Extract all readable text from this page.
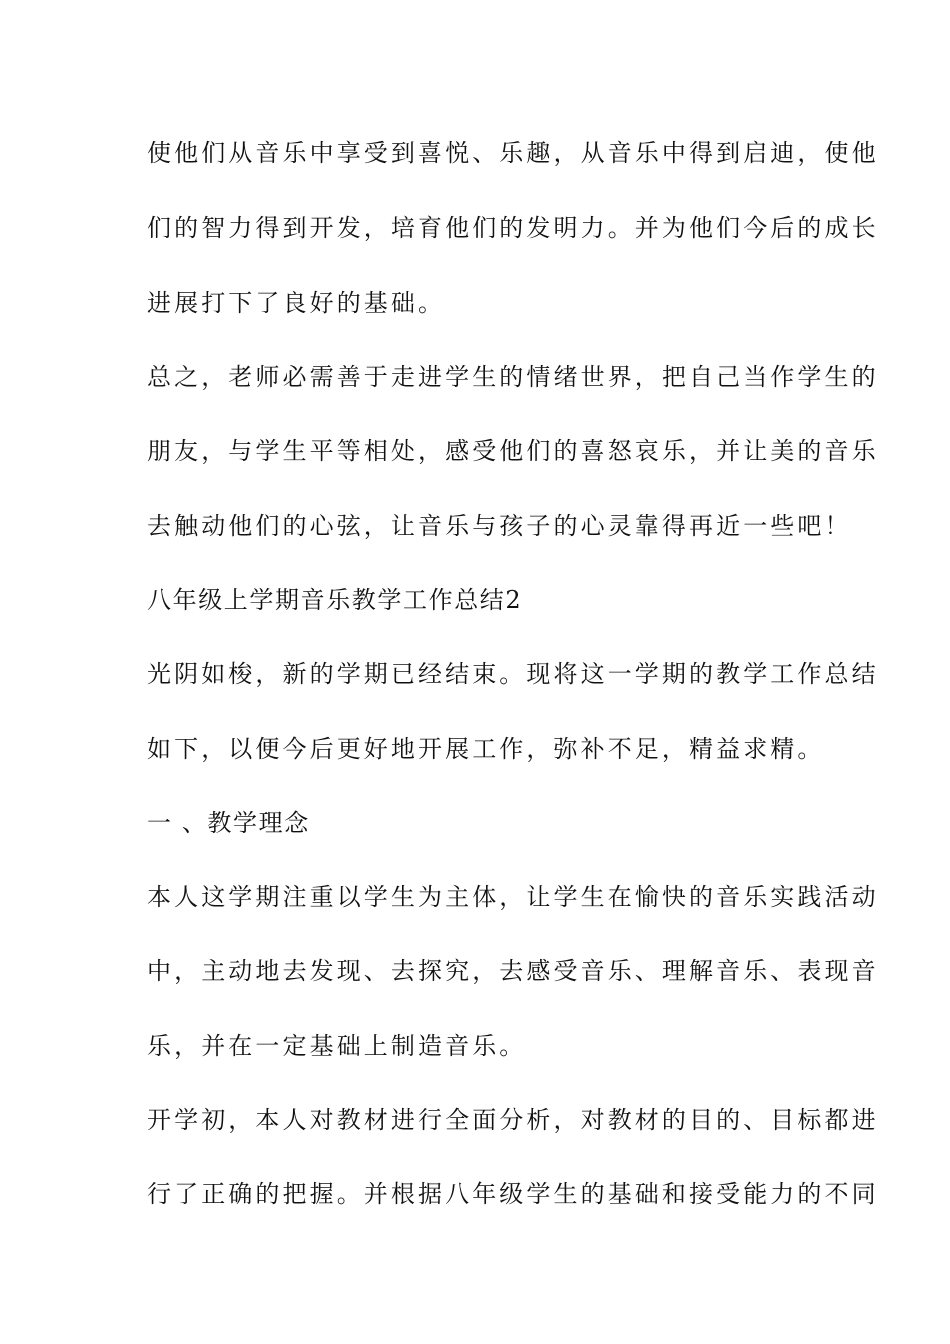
使他们从音乐中享受到喜悦、乐趣，从音乐中得到启迪，使他
们的智力得到开发，培育他们的发明力。并为他们今后的成长
进展打下了良好的基础。
总之，老师必需善于走进学生的情绪世界，把自己当作学生的
朋友，与学生平等相处，感受他们的喜怒哀乐，并让美的音乐
去触动他们的心弦，让音乐与孩子的心灵靠得再近一些吧！
八年级上学期音乐教学工作总结2
光阴如梭，新的学期已经结束。现将这一学期的教学工作总结
如下，以便今后更好地开展工作，弥补不足，精益求精。
一 、教学理念
本人这学期注重以学生为主体，让学生在愉快的音乐实践活动
中，主动地去发现、去探究，去感受音乐、理解音乐、表现音
乐，并在一定基础上制造音乐。
开学初，本人对教材进行全面分析，对教材的目的、目标都进
行了正确的把握。并根据八年级学生的基础和接受能力的不同
